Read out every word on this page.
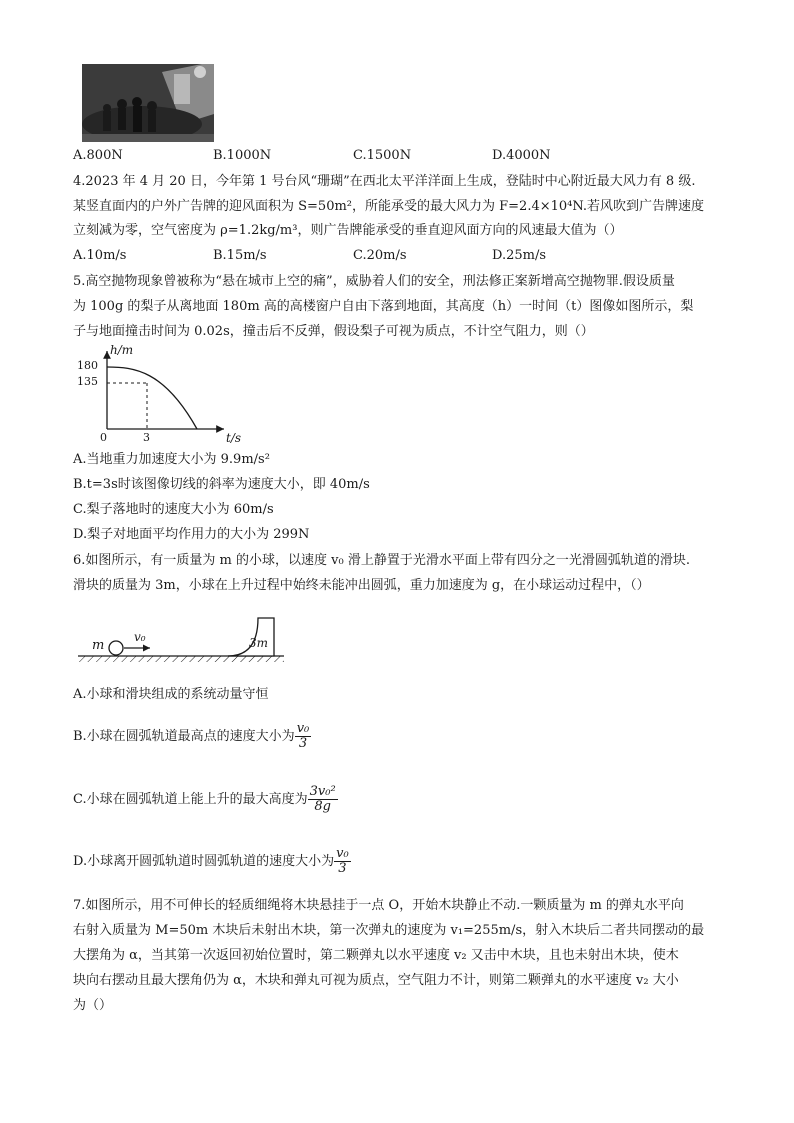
A.800N	B.1000N	C.1500N	D.4000N
4.2023 年 4 月 20 日，今年第 1 号台风“珊瑚”在西北太平洋洋面上生成，登陆时中心附近最大风力有 8 级.
某竖直面内的户外广告牌的迎风面积为 S=50m²，所能承受的最大风力为 F=2.4×10⁴N.若风吹到广告牌速度
立刻减为零，空气密度为 ρ=1.2kg/m³，则广告牌能承受的垂直迎风面方向的风速最大值为（）
A.10m/s	B.15m/s	C.20m/s	D.25m/s
5.高空抛物现象曾被称为“悬在城市上空的痛”，威胁着人们的安全，刑法修正案新增高空抛物罪.假设质量
为 100g 的梨子从离地面 180m 高的高楼窗户自由下落到地面，其高度（h）一时间（t）图像如图所示，梨
子与地面撞击时间为 0.02s，撞击后不反弹，假设梨子可视为质点，不计空气阻力，则（）
h/m
180
135
0	3	t/s
A.当地重力加速度大小为 9.9m/s²
B.t=3s时该图像切线的斜率为速度大小，即 40m/s
C.梨子落地时的速度大小为 60m/s
D.梨子对地面平均作用力的大小为 299N
6.如图所示，有一质量为 m 的小球，以速度 v₀ 滑上静置于光滑水平面上带有四分之一光滑圆弧轨道的滑块.
滑块的质量为 3m，小球在上升过程中始终未能冲出圆弧，重力加速度为 g，在小球运动过程中，（）
m
v₀	3m
A.小球和滑块组成的系统动量守恒
B.小球在圆弧轨道最高点的速度大小为 $\frac{\text{v₀}}{3}$
C.小球在圆弧轨道上能上升的最大高度为 $\frac{\text{3v₀²}}{8g}$
D.小球离开圆弧轨道时圆弧轨道的速度大小为 $\frac{\text{v₀}}{3}$
7.如图所示，用不可伸长的轻质细绳将木块悬挂于一点 O，开始木块静止不动.一颗质量为 m 的弹丸水平向
右射入质量为 M=50m 木块后未射出木块，第一次弹丸的速度为 v₁=255m/s，射入木块后二者共同摆动的最
大摆角为 α，当其第一次返回初始位置时，第二颗弹丸以水平速度 v₂ 又击中木块，且也未射出木块，使木
块向右摆动且最大摆角仍为 α，木块和弹丸可视为质点，空气阻力不计，则第二颗弹丸的水平速度 v₂ 大小
为（）
